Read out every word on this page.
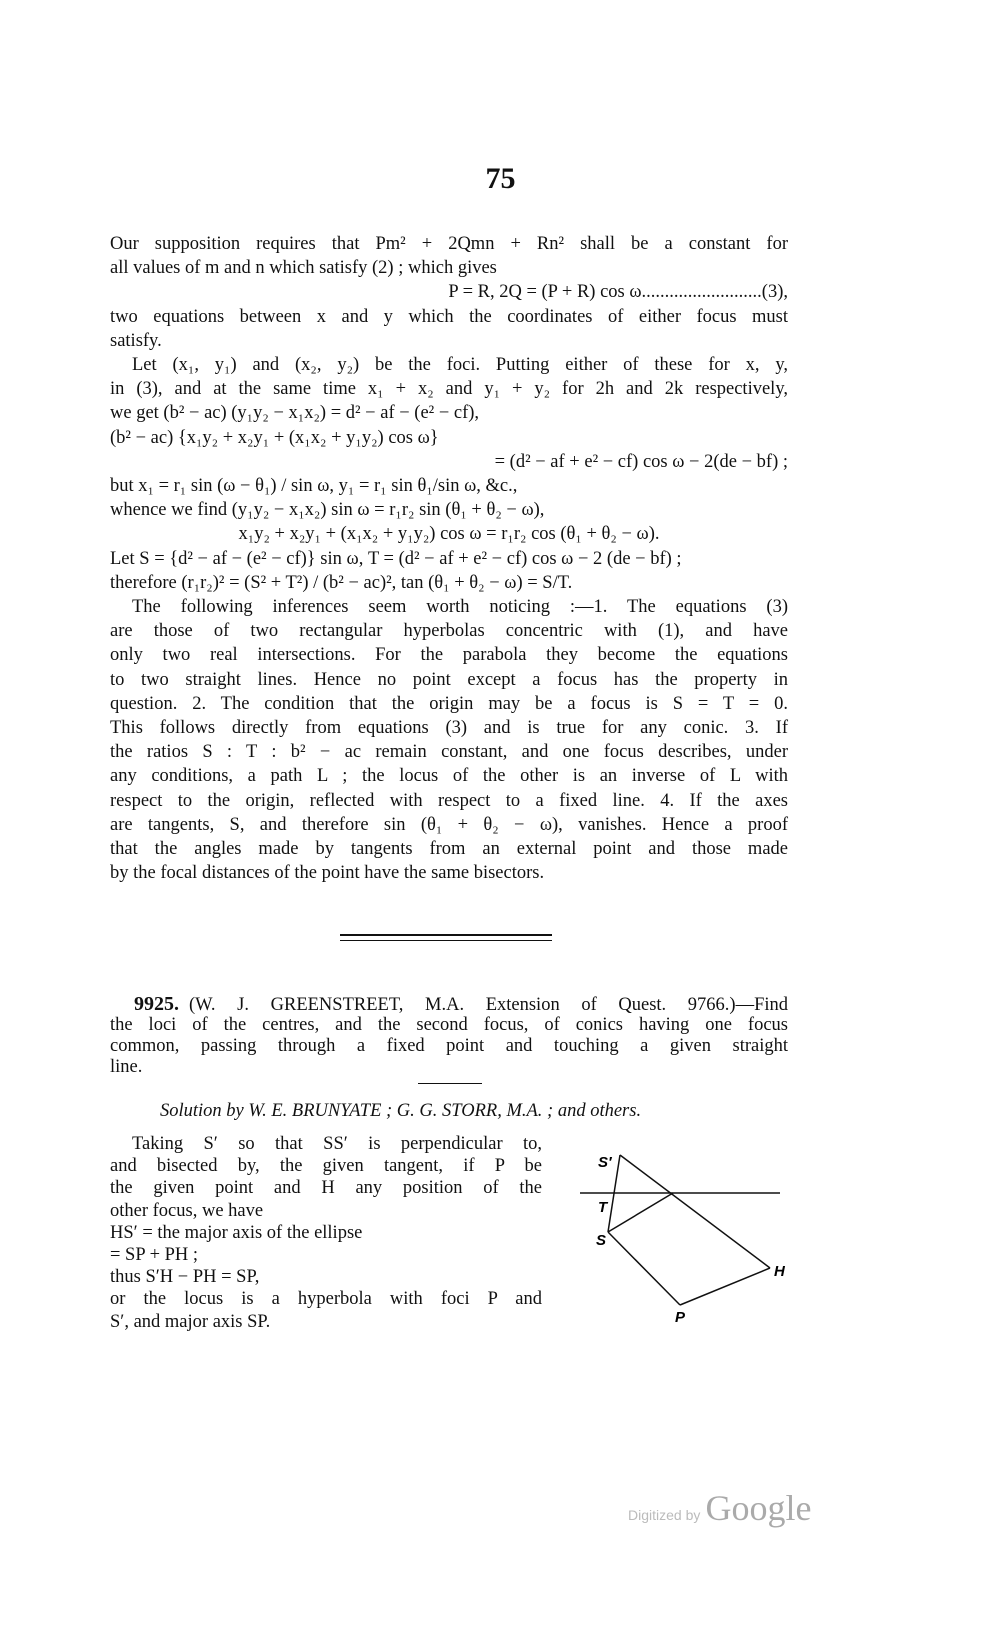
75
Our supposition requires that Pm² + 2Qmn + Rn² shall be a constant for
all values of m and n which satisfy (2) ; which gives
P = R, 2Q = (P + R) cos ω..........................(3),
two equations between x and y which the coordinates of either focus must
satisfy.
Let (x₁, y₁) and (x₂, y₂) be the foci. Putting either of these for x, y,
in (3), and at the same time x₁ + x₂ and y₁ + y₂ for 2h and 2k respectively,
we get (b² − ac) (y₁y₂ − x₁x₂) = d² − af − (e² − cf),
(b² − ac) {x₁y₂ + x₂y₁ + (x₁x₂ + y₁y₂) cos ω}
= (d² − af + e² − cf) cos ω − 2(de − bf) ;
but x₁ = r₁ sin (ω − θ₁) / sin ω, y₁ = r₁ sin θ₁/sin ω, &c.,
whence we find (y₁y₂ − x₁x₂) sin ω = r₁r₂ sin (θ₁ + θ₂ − ω),
x₁y₂ + x₂y₁ + (x₁x₂ + y₁y₂) cos ω = r₁r₂ cos (θ₁ + θ₂ − ω).
Let S = {d² − af − (e² − cf)} sin ω, T = (d² − af + e² − cf) cos ω − 2 (de − bf) ;
therefore (r₁r₂)² = (S² + T²) / (b² − ac)², tan (θ₁ + θ₂ − ω) = S/T.
The following inferences seem worth noticing :—1. The equations (3)
are those of two rectangular hyperbolas concentric with (1), and have
only two real intersections. For the parabola they become the equations
to two straight lines. Hence no point except a focus has the property in
question. 2. The condition that the origin may be a focus is S = T = 0.
This follows directly from equations (3) and is true for any conic. 3. If
the ratios S : T : b² − ac remain constant, and one focus describes, under
any conditions, a path L ; the locus of the other is an inverse of L with
respect to the origin, reflected with respect to a fixed line. 4. If the axes
are tangents, S, and therefore sin (θ₁ + θ₂ − ω), vanishes. Hence a proof
that the angles made by tangents from an external point and those made
by the focal distances of the point have the same bisectors.
9925. (W. J. GREENSTREET, M.A. Extension of Quest. 9766.)—Find
the loci of the centres, and the second focus, of conics having one focus
common, passing through a fixed point and touching a given straight
line.
Solution by W. E. BRUNYATE ; G. G. STORR, M.A. ; and others.
Taking S′ so that SS′ is perpendicular to,
and bisected by, the given tangent, if P be
the given point and H any position of the
other focus, we have
HS′ = the major axis of the ellipse
= SP + PH ;
thus S′H − PH = SP,
or the locus is a hyperbola with foci P and
S′, and major axis SP.
S′
T
S
H
P
Digitized by Google
